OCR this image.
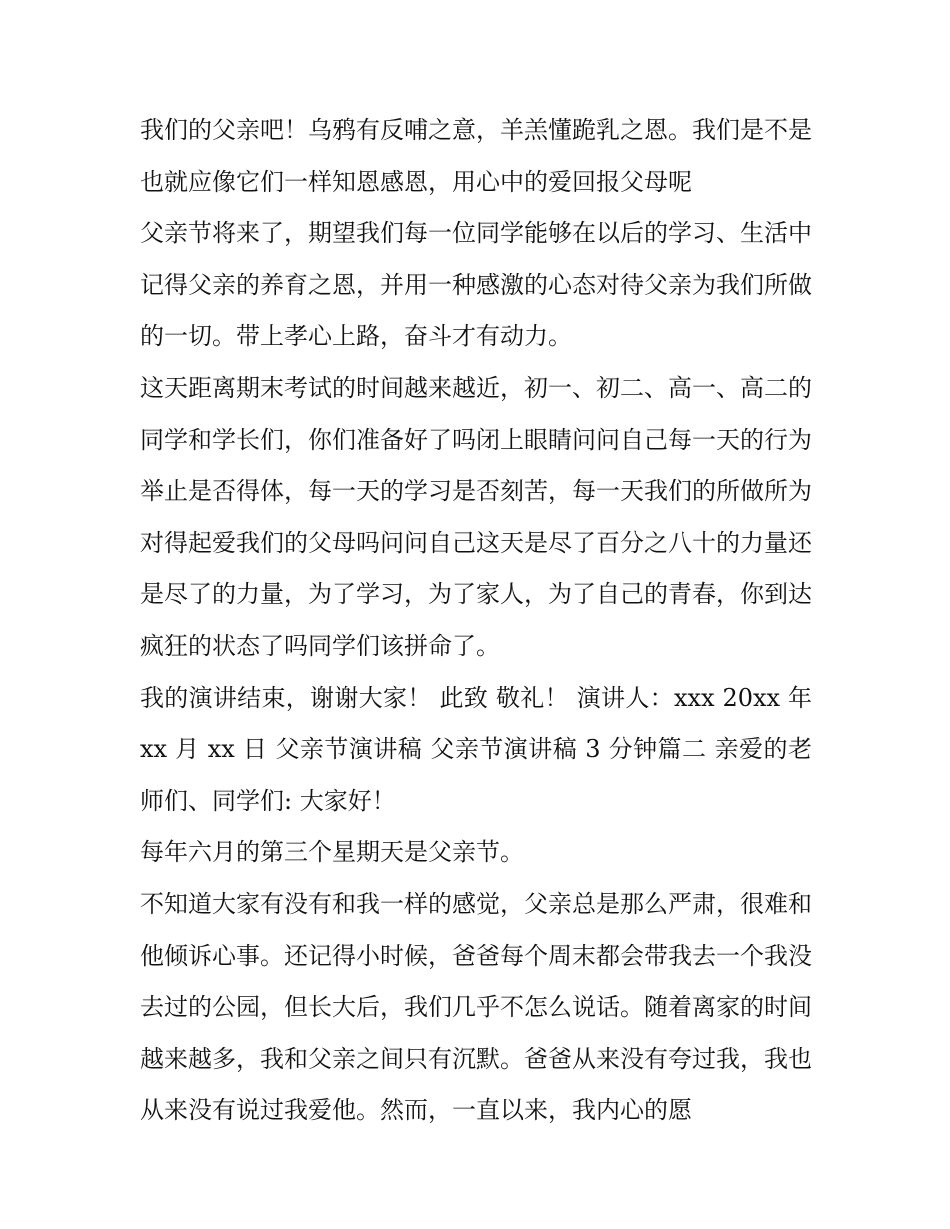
我们的父亲吧！乌鸦有反哺之意，羊羔懂跪乳之恩。我们是不是也就应像它们一样知恩感恩，用心中的爱回报父母呢

父亲节将来了，期望我们每一位同学能够在以后的学习、生活中记得父亲的养育之恩，并用一种感激的心态对待父亲为我们所做的一切。带上孝心上路，奋斗才有动力。

这天距离期末考试的时间越来越近，初一、初二、高一、高二的同学和学长们，你们准备好了吗闭上眼睛问问自己每一天的行为举止是否得体，每一天的学习是否刻苦，每一天我们的所做所为对得起爱我们的父母吗问问自己这天是尽了百分之八十的力量还是尽了的力量，为了学习，为了家人，为了自己的青春，你到达疯狂的状态了吗同学们该拼命了。

我的演讲结束，谢谢大家！ 此致 敬礼！ 演讲人：xxx 20xx 年 xx 月 xx 日 父亲节演讲稿 父亲节演讲稿 3 分钟篇二 亲爱的老师们、同学们: 大家好！

每年六月的第三个星期天是父亲节。

不知道大家有没有和我一样的感觉，父亲总是那么严肃，很难和他倾诉心事。还记得小时候，爸爸每个周末都会带我去一个我没去过的公园，但长大后，我们几乎不怎么说话。随着离家的时间越来越多，我和父亲之间只有沉默。爸爸从来没有夸过我，我也从来没有说过我爱他。然而，一直以来，我内心的愿
